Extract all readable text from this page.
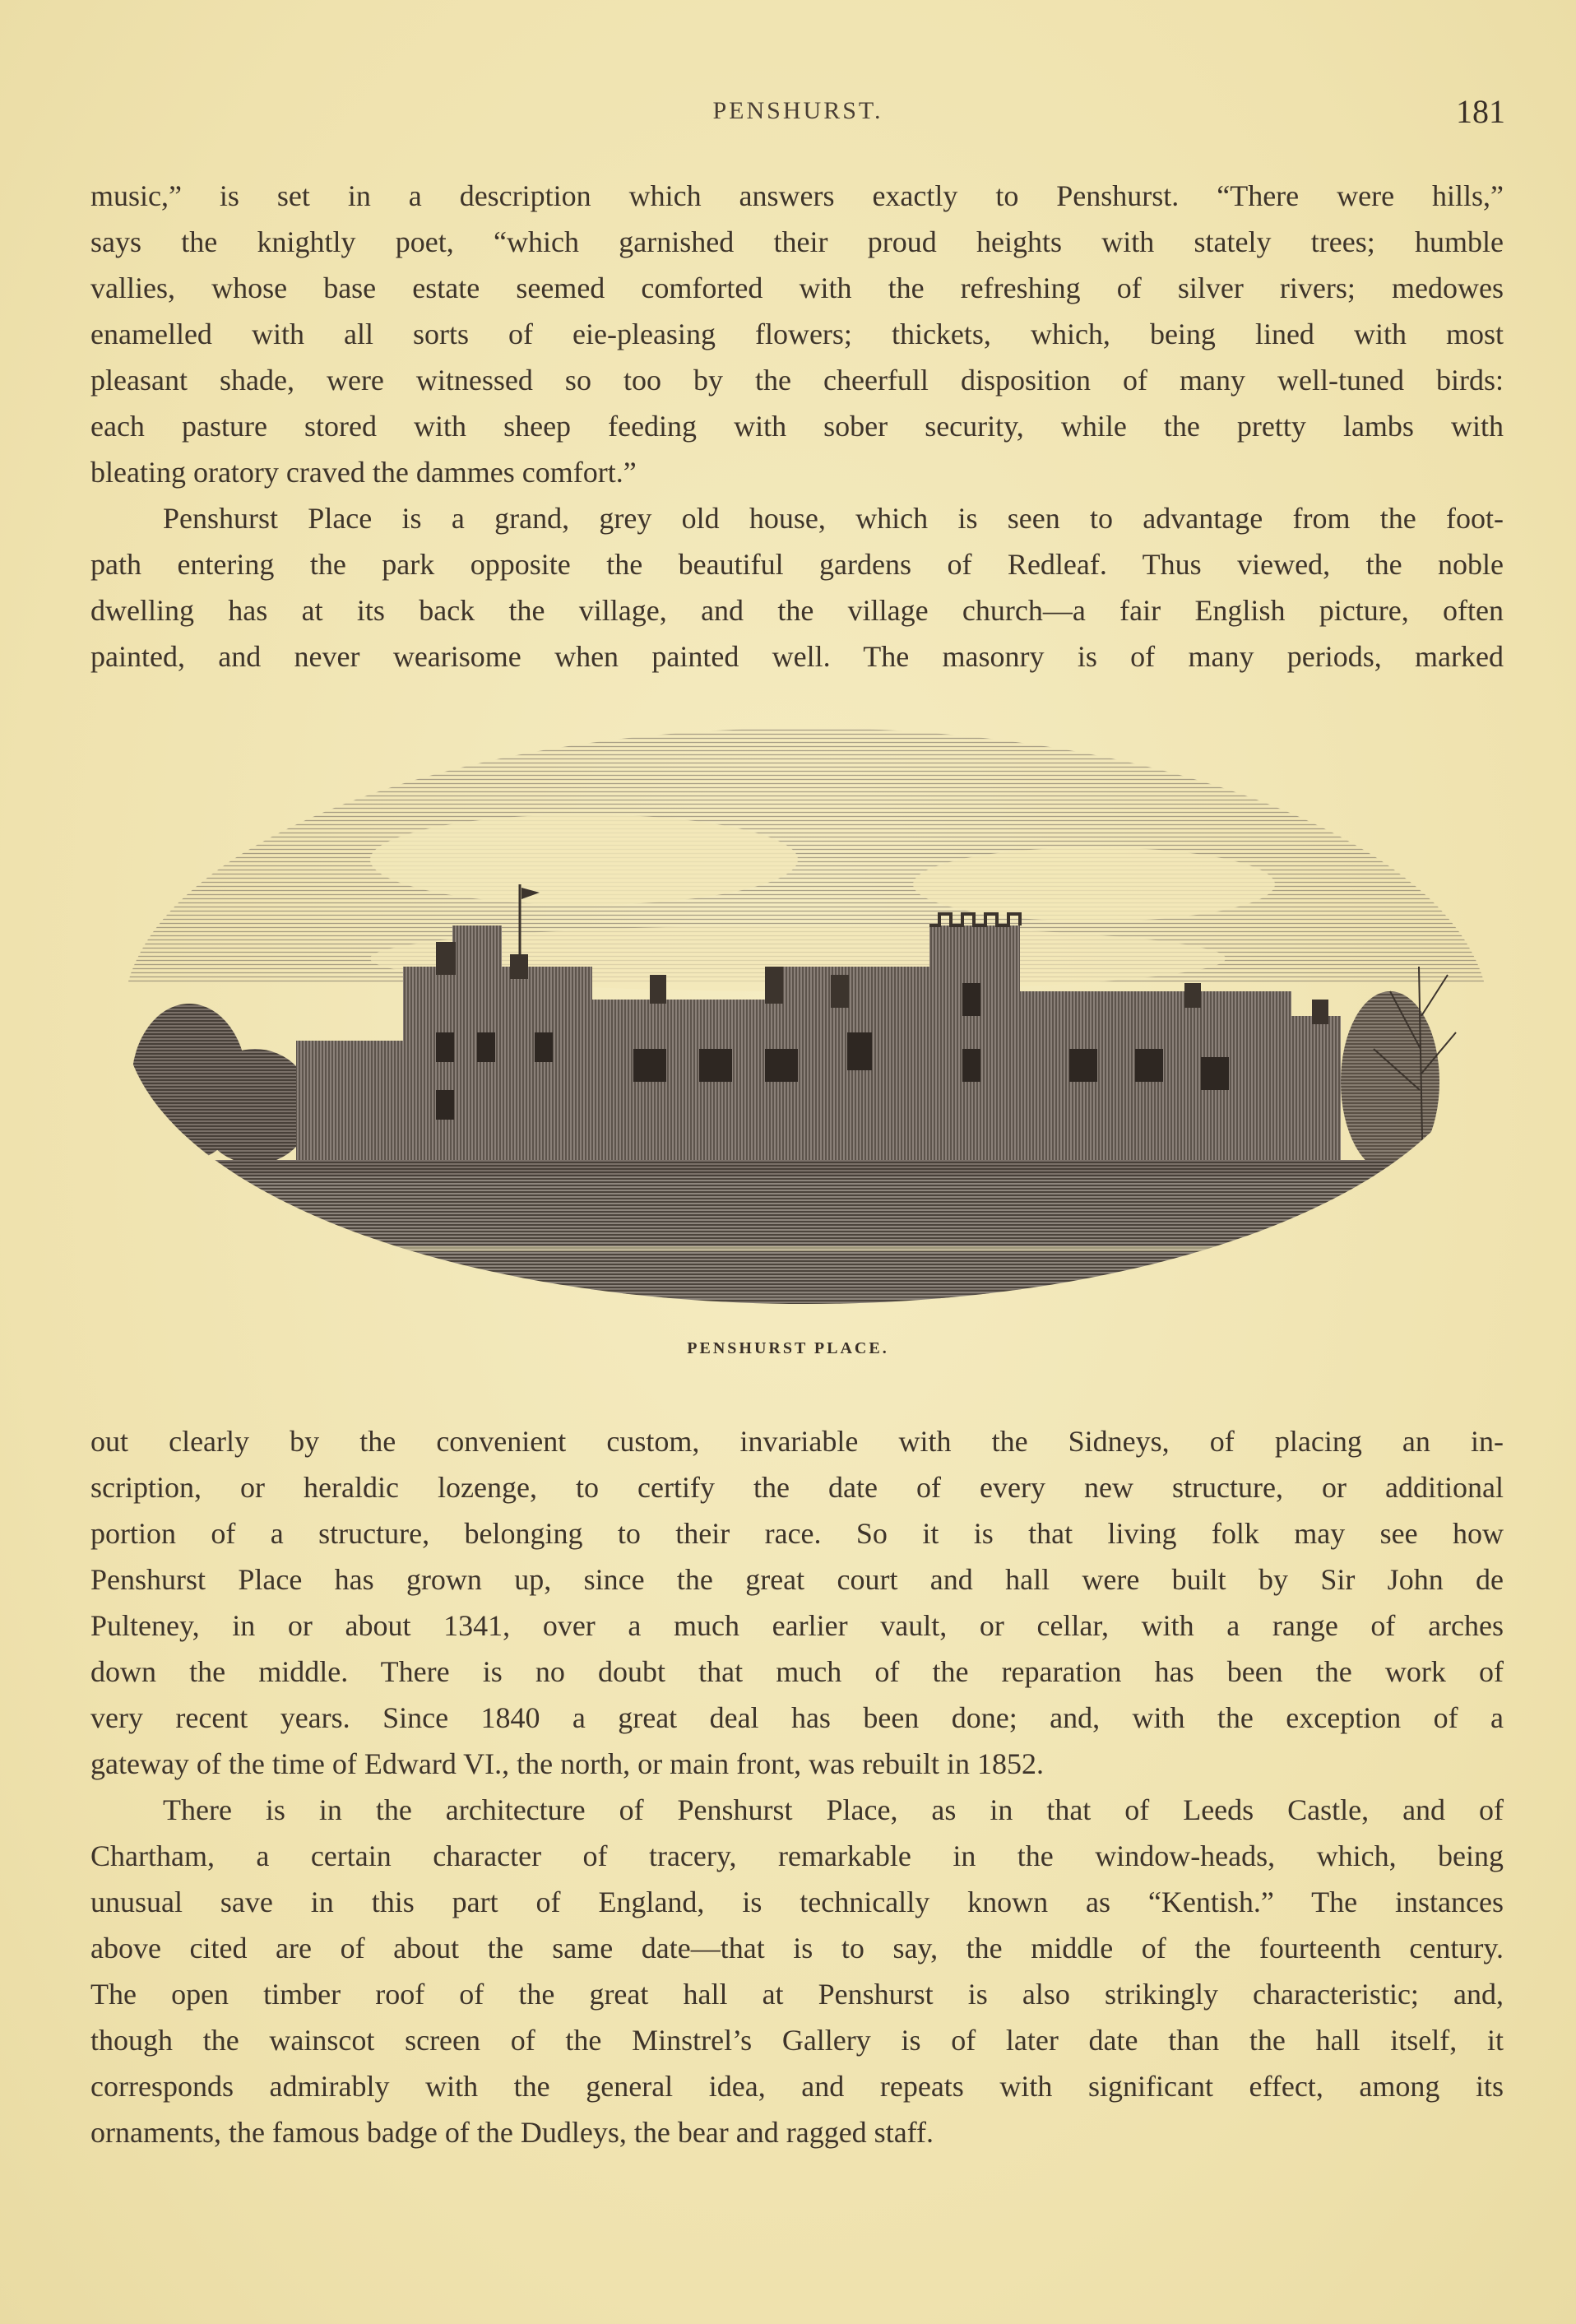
PENSHURST.	181
music,” is set in a description which answers exactly to Penshurst. “There were hills,”
says the knightly poet, “which garnished their proud heights with stately trees; humble
vallies, whose base estate seemed comforted with the refreshing of silver rivers; medowes
enamelled with all sorts of eie-pleasing flowers; thickets, which, being lined with most
pleasant shade, were witnessed so too by the cheerfull disposition of many well-tuned birds:
each pasture stored with sheep feeding with sober security, while the pretty lambs with
bleating oratory craved the dammes comfort.”
Penshurst Place is a grand, grey old house, which is seen to advantage from the foot-
path entering the park opposite the beautiful gardens of Redleaf. Thus viewed, the noble
dwelling has at its back the village, and the village church—a fair English picture, often
painted, and never wearisome when painted well. The masonry is of many periods, marked
PENSHURST PLACE.
out clearly by the convenient custom, invariable with the Sidneys, of placing an in-
scription, or heraldic lozenge, to certify the date of every new structure, or additional
portion of a structure, belonging to their race. So it is that living folk may see how
Penshurst Place has grown up, since the great court and hall were built by Sir John de
Pulteney, in or about 1341, over a much earlier vault, or cellar, with a range of arches
down the middle. There is no doubt that much of the reparation has been the work of
very recent years. Since 1840 a great deal has been done; and, with the exception of a
gateway of the time of Edward VI., the north, or main front, was rebuilt in 1852.
There is in the architecture of Penshurst Place, as in that of Leeds Castle, and of
Chartham, a certain character of tracery, remarkable in the window-heads, which, being
unusual save in this part of England, is technically known as “Kentish.” The instances
above cited are of about the same date—that is to say, the middle of the fourteenth century.
The open timber roof of the great hall at Penshurst is also strikingly characteristic; and,
though the wainscot screen of the Minstrel’s Gallery is of later date than the hall itself, it
corresponds admirably with the general idea, and repeats with significant effect, among its
ornaments, the famous badge of the Dudleys, the bear and ragged staff.
